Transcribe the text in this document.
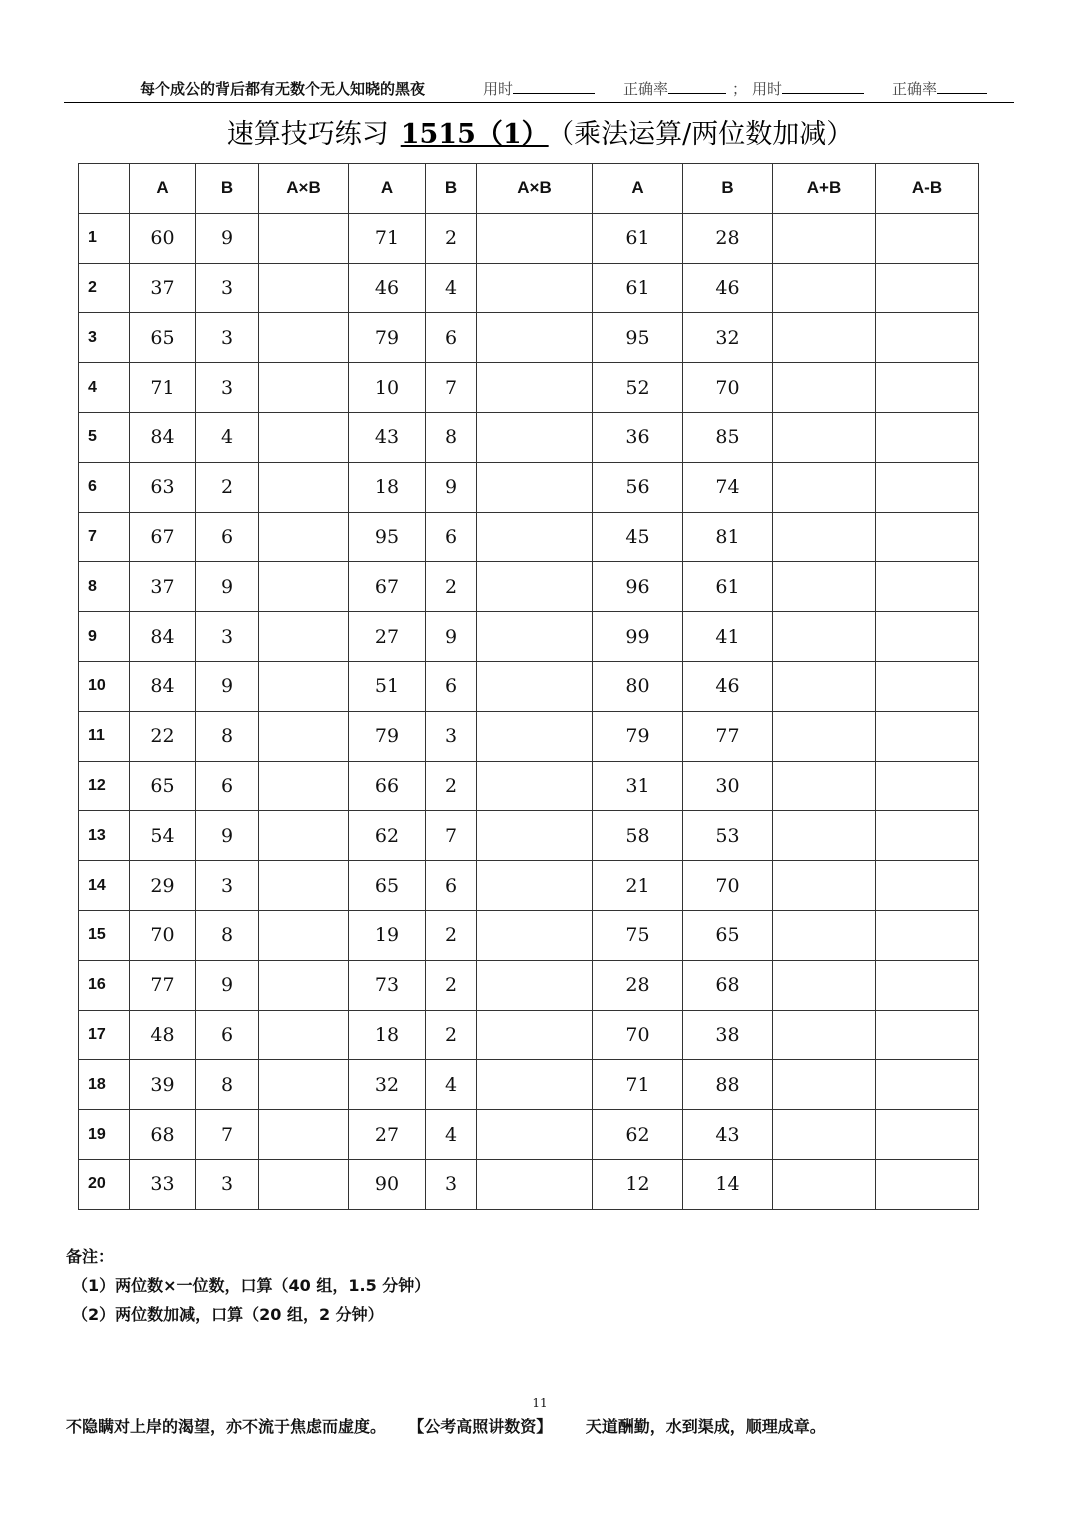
每个成公的背后都有无数个无人知晓的黑夜	用时	正确率	； 用时	正确率
速算技巧练习 1515（1） （乘法运算/两位数加减）
	A	B	A×B	A	B	A×B	A	B	A+B	A-B
1	60	9		71	2		61	28		
2	37	3		46	4		61	46		
3	65	3		79	6		95	32		
4	71	3		10	7		52	70		
5	84	4		43	8		36	85		
6	63	2		18	9		56	74		
7	67	6		95	6		45	81		
8	37	9		67	2		96	61		
9	84	3		27	9		99	41		
10	84	9		51	6		80	46		
11	22	8		79	3		79	77		
12	65	6		66	2		31	30		
13	54	9		62	7		58	53		
14	29	3		65	6		21	70		
15	70	8		19	2		75	65		
16	77	9		73	2		28	68		
17	48	6		18	2		70	38		
18	39	8		32	4		71	88		
19	68	7		27	4		62	43		
20	33	3		90	3		12	14		
备注：
（1）两位数×一位数，口算（40 组，1.5 分钟）
（2）两位数加减，口算（20 组，2 分钟）
11
不隐瞒对上岸的渴望，亦不流于焦虑而虚度。 【公考高照讲数资】 天道酬勤，水到渠成，顺理成章。
